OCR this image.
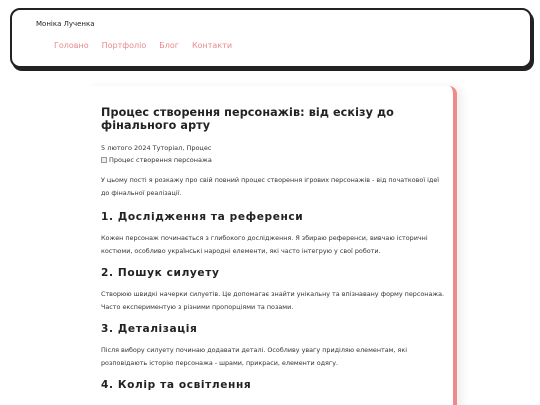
Моніка Лученка
Головно Портфоліо Блог Контакти
Процес створення персонажів: від ескізу до фінального арту
5 лютого 2024 Туторіал, Процес
Процес створення персонажа

У цьому пості я розкажу про свій повний процес створення ігрових персонажів - від початкової ідеї до фінальної реалізації.

1. Дослідження та референси

Кожен персонаж починається з глибокого дослідження. Я збираю референси, вивчаю історичні костюми, особливо українські народні елементи, які часто інтегрую у свої роботи.

2. Пошук силуету

Створюю швидкі начерки силуетів. Це допомагає знайти унікальну та впізнавану форму персонажа. Часто експериментую з різними пропорціями та позами.

3. Деталізація

Після вибору силуету починаю додавати деталі. Особливу увагу приділяю елементам, які розповідають історію персонажа - шрами, прикраси, елементи одягу.

4. Колір та освітлення
